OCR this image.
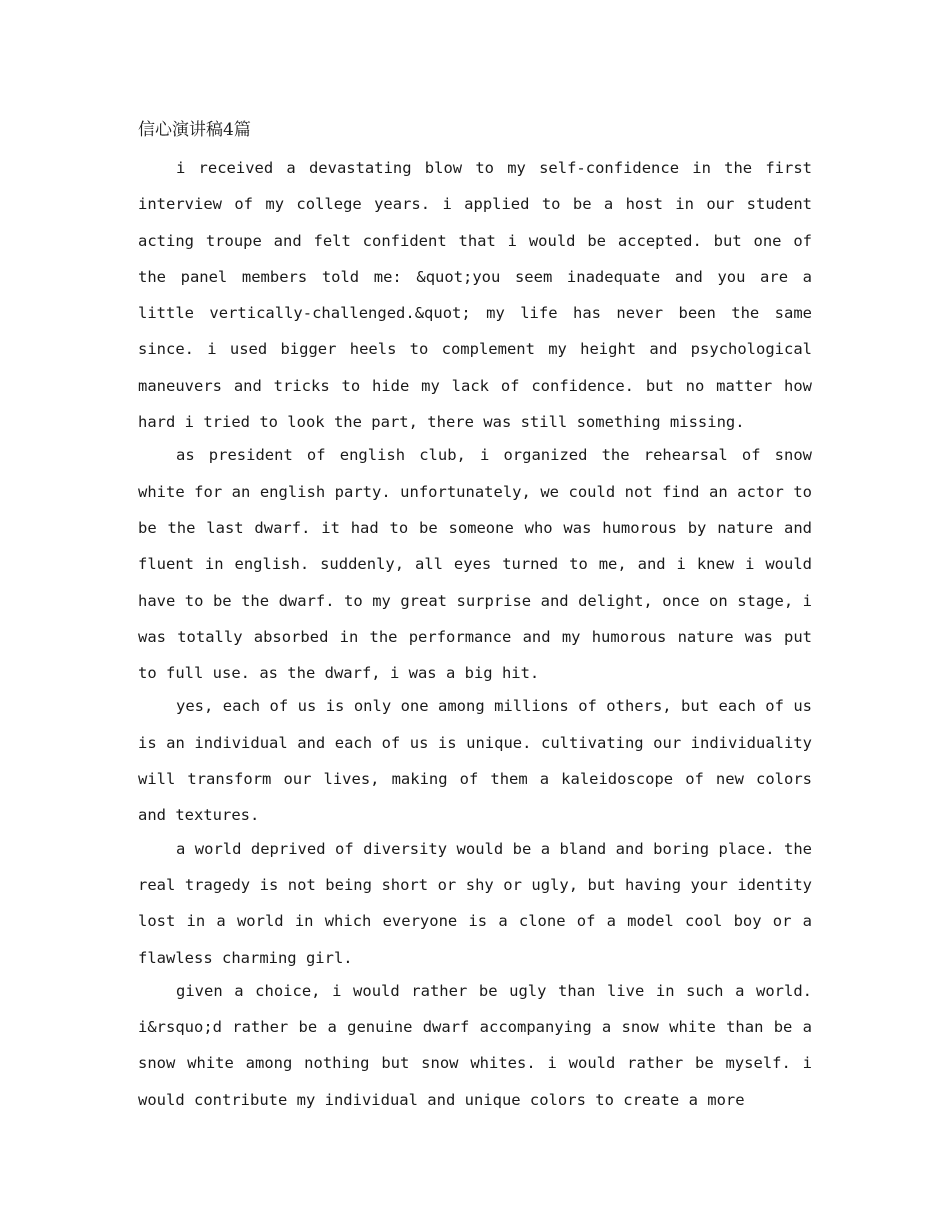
信心演讲稿4篇

i received a devastating blow to my self-confidence in the first interview of my college years. i applied to be a host in our student acting troupe and felt confident that i would be accepted. but one of the panel members told me: &quot;you seem inadequate and you are a little vertically-challenged.&quot; my life has never been the same since. i used bigger heels to complement my height and psychological maneuvers and tricks to hide my lack of confidence. but no matter how hard i tried to look the part, there was still something missing.

as president of english club, i organized the rehearsal of snow white for an english party. unfortunately, we could not find an actor to be the last dwarf. it had to be someone who was humorous by nature and fluent in english. suddenly, all eyes turned to me, and i knew i would have to be the dwarf. to my great surprise and delight, once on stage, i was totally absorbed in the performance and my humorous nature was put to full use. as the dwarf, i was a big hit.

yes, each of us is only one among millions of others, but each of us is an individual and each of us is unique. cultivating our individuality will transform our lives, making of them a kaleidoscope of new colors and textures.

a world deprived of diversity would be a bland and boring place. the real tragedy is not being short or shy or ugly, but having your identity lost in a world in which everyone is a clone of a model cool boy or a flawless charming girl.

given a choice, i would rather be ugly than live in such a world. i&rsquo;d rather be a genuine dwarf accompanying a snow white than be a snow white among nothing but snow whites. i would rather be myself. i would contribute my individual and unique colors to create a more
